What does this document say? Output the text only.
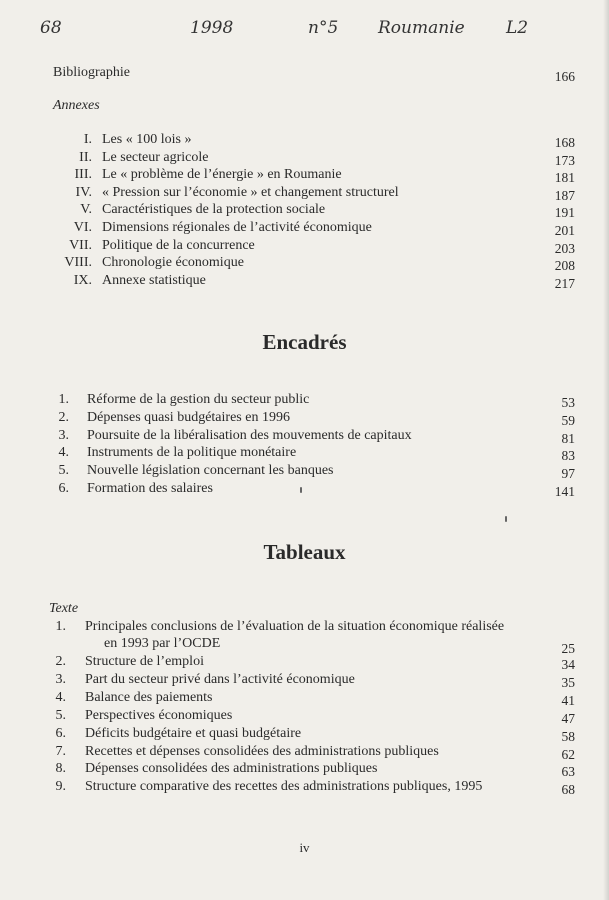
68	1998	n°5 Roumanie L2
Bibliographie	166
Annexes
I. Les « 100 lois »	168
II. Le secteur agricole	173
III. Le « problème de l’énergie » en Roumanie	181
IV. « Pression sur l’économie » et changement structurel	187
V. Caractéristiques de la protection sociale	191
VI. Dimensions régionales de l’activité économique	201
VII. Politique de la concurrence	203
VIII. Chronologie économique	208
IX. Annexe statistique	217
Encadrés
1. Réforme de la gestion du secteur public	53
2. Dépenses quasi budgétaires en 1996	59
3. Poursuite de la libéralisation des mouvements de capitaux	81
4. Instruments de la politique monétaire	83
5. Nouvelle législation concernant les banques	97
6. Formation des salaires	141
Tableaux
Texte
1. Principales conclusions de l’évaluation de la situation économique réalisée
en 1993 par l’OCDE	25
2. Structure de l’emploi	34
3. Part du secteur privé dans l’activité économique	35
4. Balance des paiements	41
5. Perspectives économiques	47
6. Déficits budgétaire et quasi budgétaire	58
7. Recettes et dépenses consolidées des administrations publiques	62
8. Dépenses consolidées des administrations publiques	63
9. Structure comparative des recettes des administrations publiques, 1995	68
iv
